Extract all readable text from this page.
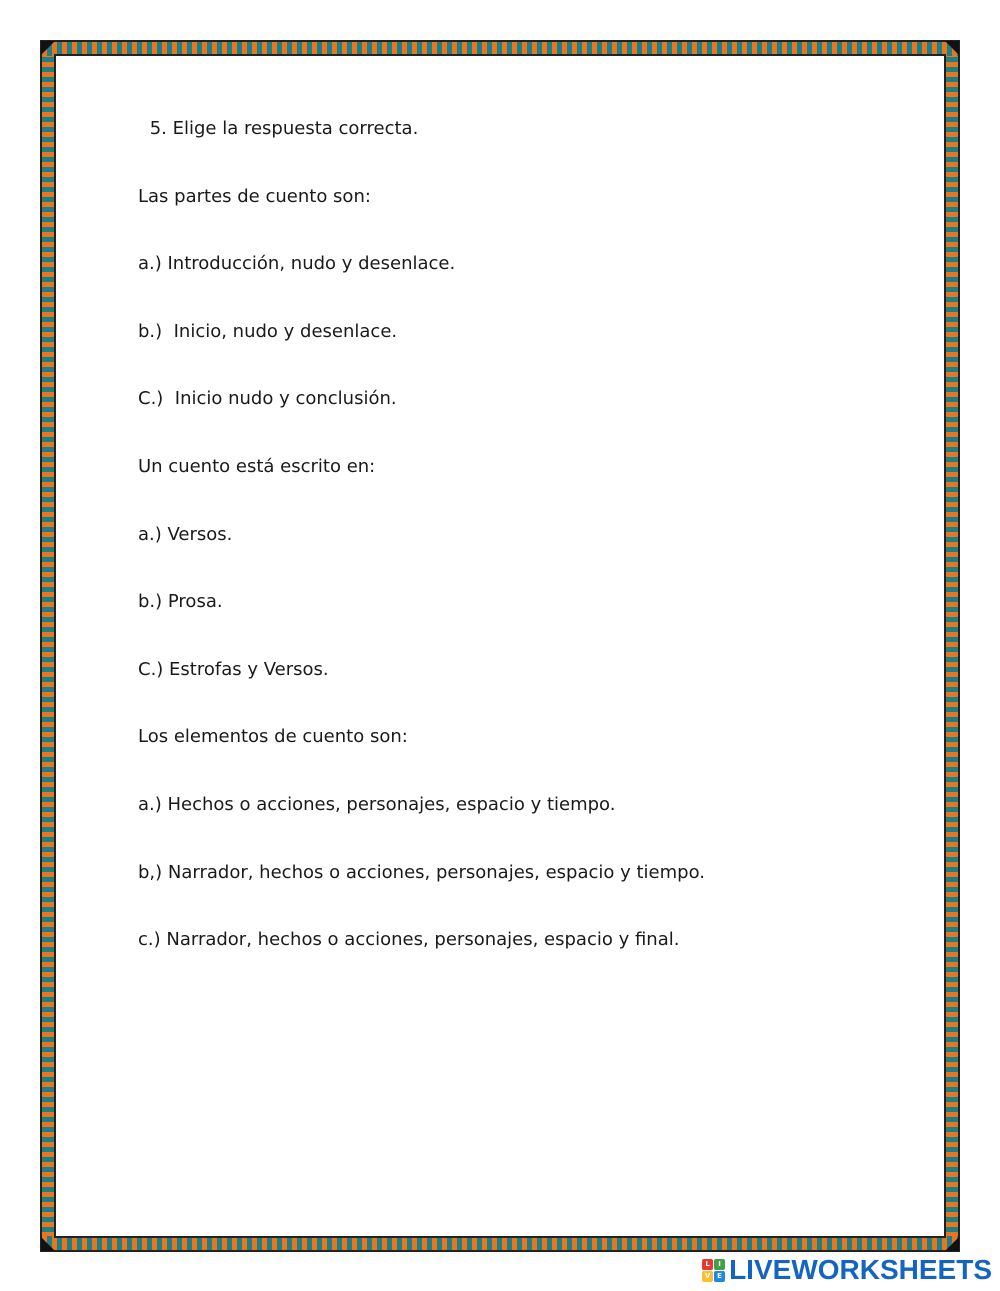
5. Elige la respuesta correcta.
Las partes de cuento son:
a.) Introducción, nudo y desenlace.
b.)  Inicio, nudo y desenlace.
C.)  Inicio nudo y conclusión.
Un cuento está escrito en:
a.) Versos.
b.) Prosa.
C.) Estrofas y Versos.
Los elementos de cuento son:
a.) Hechos o acciones, personajes, espacio y tiempo.
b,) Narrador, hechos o acciones, personajes, espacio y tiempo.
c.) Narrador, hechos o acciones, personajes, espacio y final.
L	I
V E LIVEWORKSHEETS
